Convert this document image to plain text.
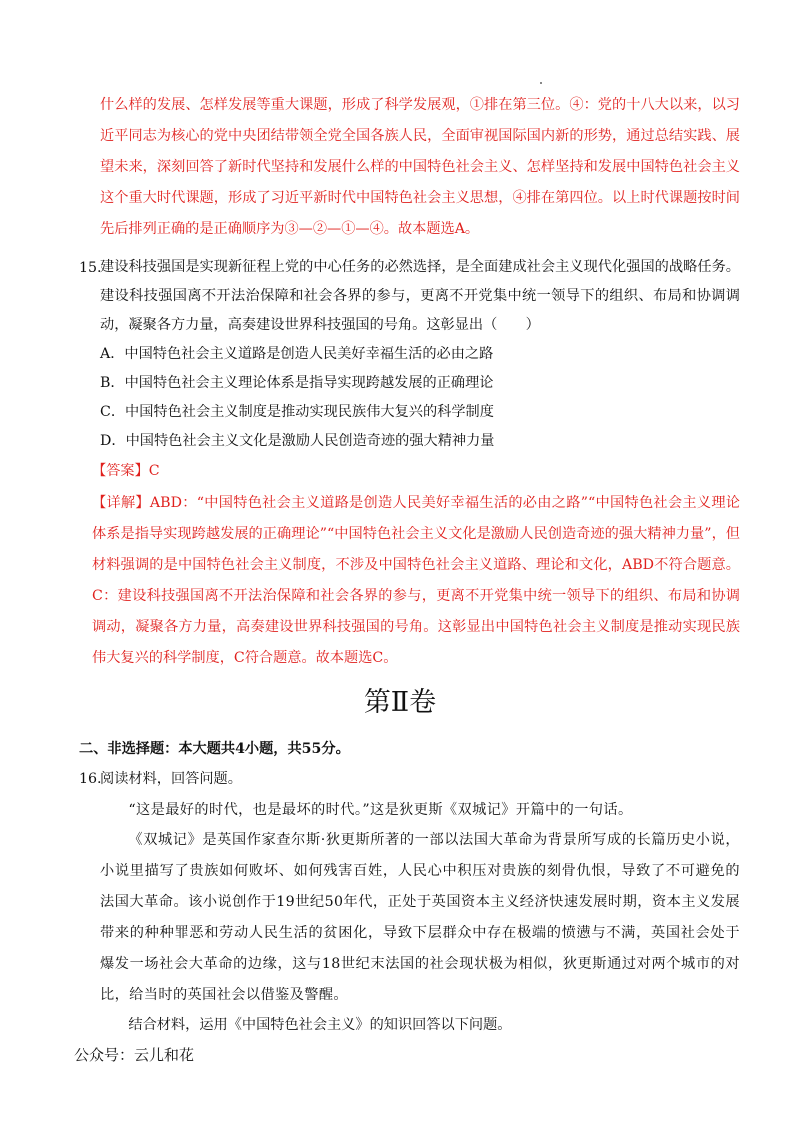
什么样的发展、怎样发展等重大课题，形成了科学发展观，①排在第三位。④：党的十八大以来，以习近平同志为核心的党中央团结带领全党全国各族人民，全面审视国际国内新的形势，通过总结实践、展望未来，深刻回答了新时代坚持和发展什么样的中国特色社会主义、怎样坚持和发展中国特色社会主义这个重大时代课题，形成了习近平新时代中国特色社会主义思想，④排在第四位。以上时代课题按时间先后排列正确的是正确顺序为③—②—①—④。故本题选A。

15.

建设科技强国是实现新征程上党的中心任务的必然选择，是全面建成社会主义现代化强国的战略任务。建设科技强国离不开法治保障和社会各界的参与，更离不开党集中统一领导下的组织、布局和协调调动，凝聚各方力量，高奏建设世界科技强国的号角。这彰显出（　　）

A．中国特色社会主义道路是创造人民美好幸福生活的必由之路
B．中国特色社会主义理论体系是指导实现跨越发展的正确理论
C．中国特色社会主义制度是推动实现民族伟大复兴的科学制度
D．中国特色社会主义文化是激励人民创造奇迹的强大精神力量
【答案】C

【详解】ABD：“中国特色社会主义道路是创造人民美好幸福生活的必由之路”“中国特色社会主义理论体系是指导实现跨越发展的正确理论”“中国特色社会主义文化是激励人民创造奇迹的强大精神力量”，但材料强调的是中国特色社会主义制度，不涉及中国特色社会主义道路、理论和文化，ABD不符合题意。C：建设科技强国离不开法治保障和社会各界的参与，更离不开党集中统一领导下的组织、布局和协调调动，凝聚各方力量，高奏建设世界科技强国的号角。这彰显出中国特色社会主义制度是推动实现民族伟大复兴的科学制度，C符合题意。故本题选C。

第Ⅱ卷
二、非选择题：本大题共4小题，共55分。
16.
阅读材料，回答问题。

“这是最好的时代，也是最坏的时代。”这是狄更斯《双城记》开篇中的一句话。

《双城记》是英国作家查尔斯·狄更斯所著的一部以法国大革命为背景所写成的长篇历史小说，小说里描写了贵族如何败坏、如何残害百姓，人民心中积压对贵族的刻骨仇恨，导致了不可避免的法国大革命。该小说创作于19世纪50年代，正处于英国资本主义经济快速发展时期，资本主义发展带来的种种罪恶和劳动人民生活的贫困化，导致下层群众中存在极端的愤懑与不满，英国社会处于爆发一场社会大革命的边缘，这与18世纪末法国的社会现状极为相似，狄更斯通过对两个城市的对比，给当时的英国社会以借鉴及警醒。

结合材料，运用《中国特色社会主义》的知识回答以下问题。

公众号：云儿和花
